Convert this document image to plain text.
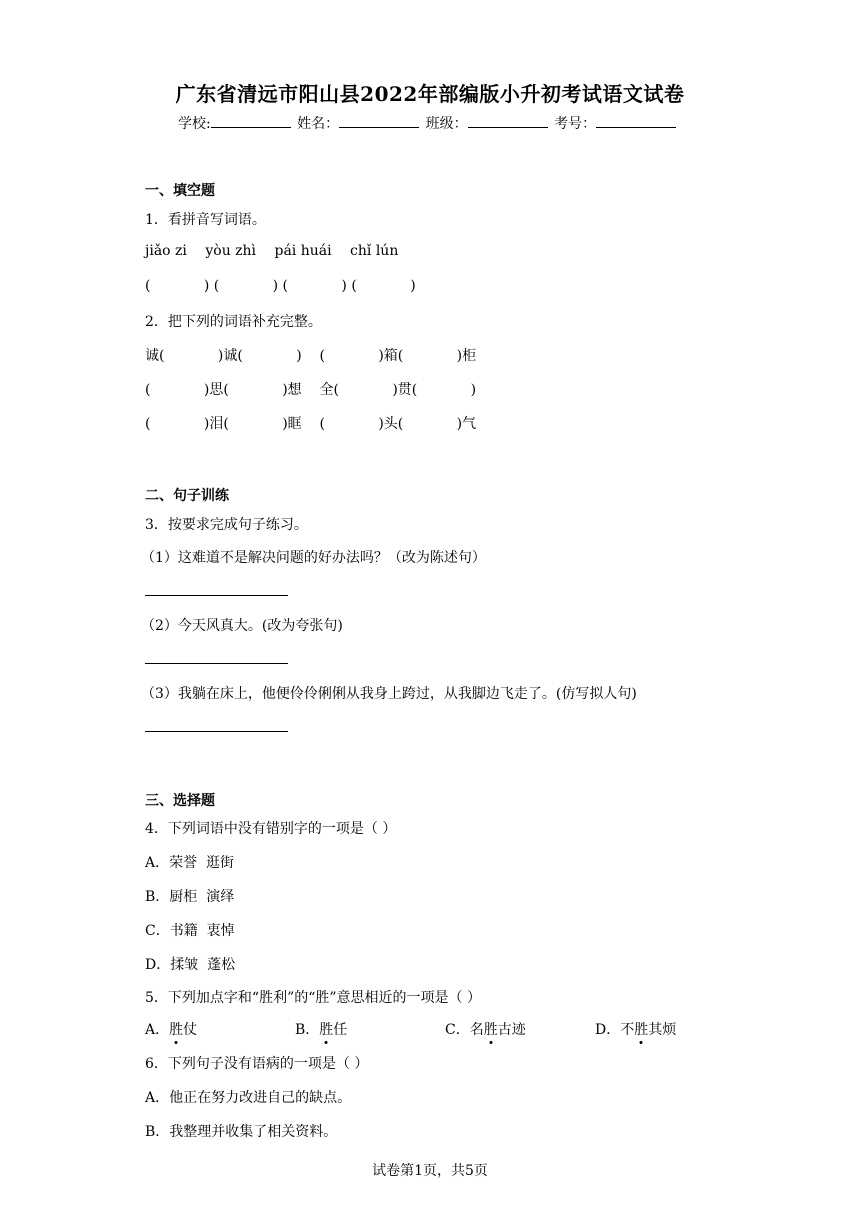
广东省清远市阳山县2022年部编版小升初考试语文试卷
学校:	姓名：	班级：	考号：
一、填空题
1．看拼音写词语。
jiǎo zi yòu zhì pái huái chǐ lún
(            ) (            ) (            ) (            )
2．把下列的词语补充完整。
诚(            )诚(            )    (            )箱(            )柜
(            )思(            )想    全(            )贯(            )
(            )泪(            )眶    (            )头(            )气
二、句子训练
3．按要求完成句子练习。
（1）这难道不是解决问题的好办法吗？（改为陈述句）
（2）今天风真大。(改为夸张句)
（3）我躺在床上，他便伶伶俐俐从我身上跨过，从我脚边飞走了。(仿写拟人句)
三、选择题
4．下列词语中没有错别字的一项是（ ）
A．荣誉  逛街
B．厨柜  演绎
C．书籍  衷悼
D．揉皱  蓬松
5．下列加点字和“胜利”的“胜”意思相近的一项是（ ）
A．胜仗	B．胜任	C．名胜古迹	D．不胜其烦
6．下列句子没有语病的一项是（ ）
A．他正在努力改进自己的缺点。
B．我整理并收集了相关资料。
试卷第1页，共5页
